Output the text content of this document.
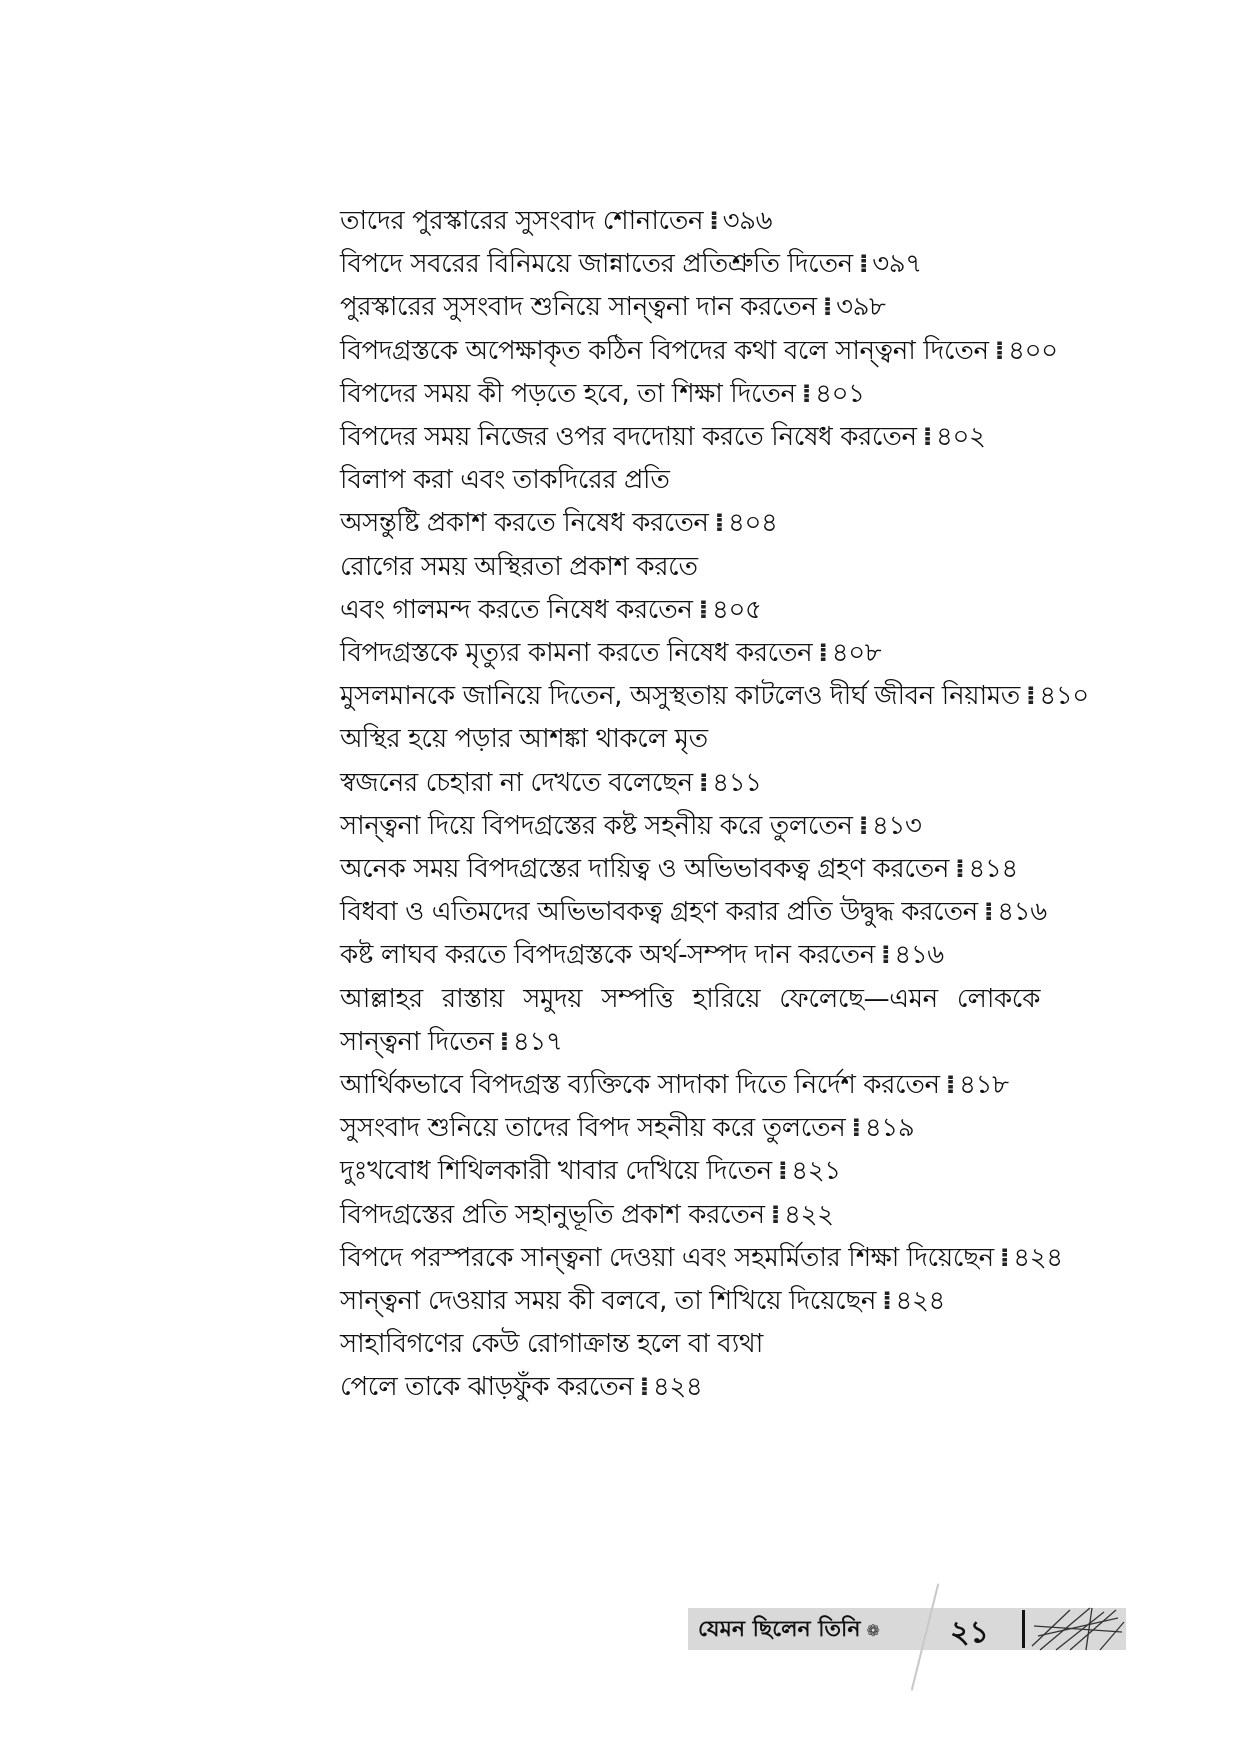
তাদের পুরস্কারের সুসংবাদ শোনাতেন ⁞ ৩৯৬
বিপদে সবরের বিনিময়ে জান্নাতের প্রতিশ্রুতি দিতেন ⁞ ৩৯৭
পুরস্কারের সুসংবাদ শুনিয়ে সান্ত্বনা দান করতেন ⁞ ৩৯৮
বিপদগ্রস্তকে অপেক্ষাকৃত কঠিন বিপদের কথা বলে সান্ত্বনা দিতেন ⁞ ৪০০
বিপদের সময় কী পড়তে হবে, তা শিক্ষা দিতেন ⁞ ৪০১
বিপদের সময় নিজের ওপর বদদোয়া করতে নিষেধ করতেন ⁞ ৪০২
বিলাপ করা এবং তাকদিরের প্রতি
অসন্তুষ্টি প্রকাশ করতে নিষেধ করতেন ⁞ ৪০৪
রোগের সময় অস্থিরতা প্রকাশ করতে
এবং গালমন্দ করতে নিষেধ করতেন ⁞ ৪০৫
বিপদগ্রস্তকে মৃত্যুর কামনা করতে নিষেধ করতেন ⁞ ৪০৮
মুসলমানকে জানিয়ে দিতেন, অসুস্থতায় কাটলেও দীর্ঘ জীবন নিয়ামত ⁞ ৪১০
অস্থির হয়ে পড়ার আশঙ্কা থাকলে মৃত
স্বজনের চেহারা না দেখতে বলেছেন ⁞ ৪১১
সান্ত্বনা দিয়ে বিপদগ্রস্তের কষ্ট সহনীয় করে তুলতেন ⁞ ৪১৩
অনেক সময় বিপদগ্রস্তের দায়িত্ব ও অভিভাবকত্ব গ্রহণ করতেন ⁞ ৪১৪
বিধবা ও এতিমদের অভিভাবকত্ব গ্রহণ করার প্রতি উদ্বুদ্ধ করতেন ⁞ ৪১৬
কষ্ট লাঘব করতে বিপদগ্রস্তকে অর্থ-সম্পদ দান করতেন ⁞ ৪১৬
আল্লাহর রাস্তায় সমুদয় সম্পত্তি হারিয়ে ফেলেছে—এমন লোককে সান্ত্বনা দিতেন ⁞ ৪১৭
আর্থিকভাবে বিপদগ্রস্ত ব্যক্তিকে সাদাকা দিতে নির্দেশ করতেন ⁞ ৪১৮
সুসংবাদ শুনিয়ে তাদের বিপদ সহনীয় করে তুলতেন ⁞ ৪১৯
দুঃখবোধ শিথিলকারী খাবার দেখিয়ে দিতেন ⁞ ৪২১
বিপদগ্রস্তের প্রতি সহানুভূতি প্রকাশ করতেন ⁞ ৪২২
বিপদে পরস্পরকে সান্ত্বনা দেওয়া এবং সহমর্মিতার শিক্ষা দিয়েছেন ⁞ ৪২৪
সান্ত্বনা দেওয়ার সময় কী বলবে, তা শিখিয়ে দিয়েছেন ⁞ ৪২৪
সাহাবিগণের কেউ রোগাক্রান্ত হলে বা ব্যথা
পেলে তাকে ঝাড়ফুঁক করতেন ⁞ ৪২৪
যেমন ছিলেন তিনি ❁ ২১
